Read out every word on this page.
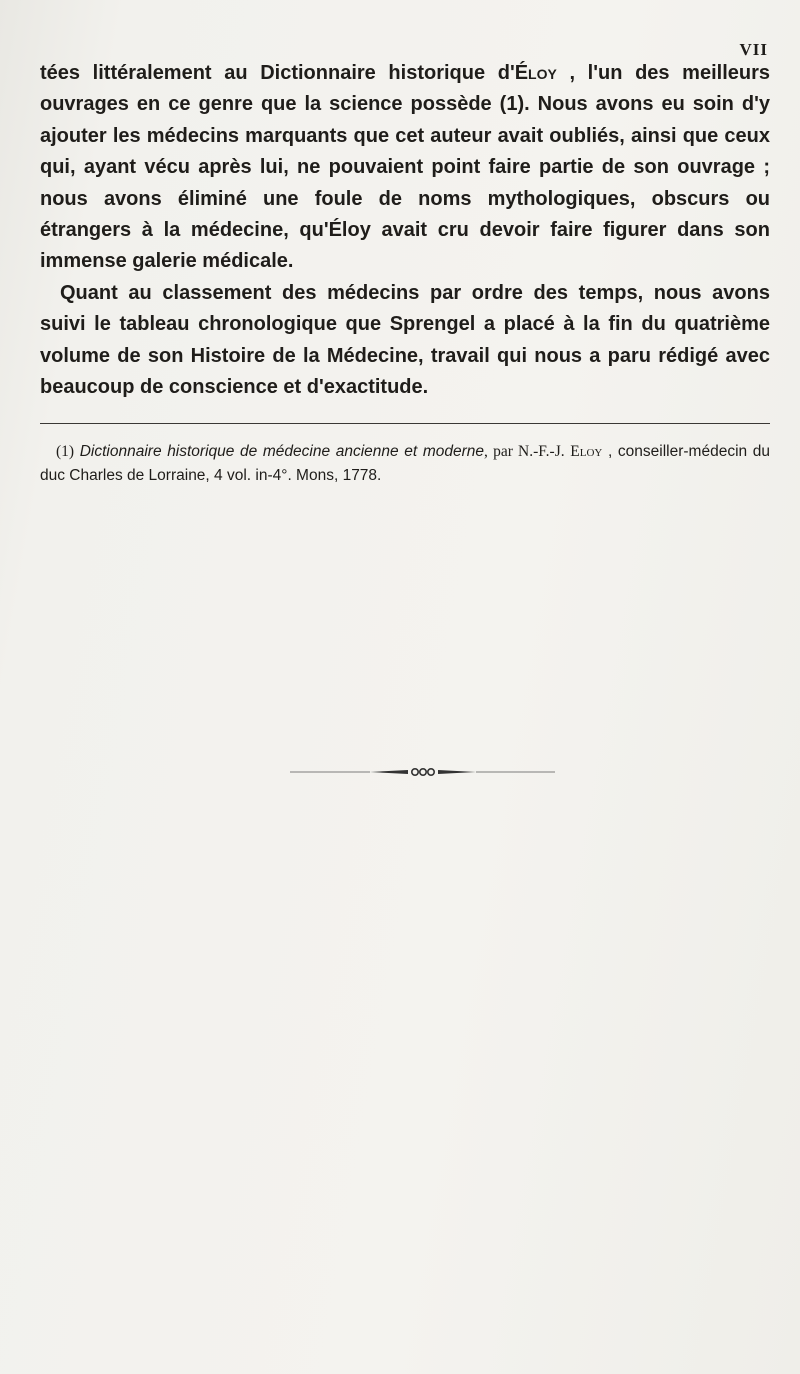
VII

tées littéralement au Dictionnaire historique d'Éloy , l'un des meilleurs ouvrages en ce genre que la science possède (1). Nous avons eu soin d'y ajouter les médecins marquants que cet auteur avait oubliés, ainsi que ceux qui, ayant vécu après lui, ne pouvaient point faire partie de son ouvrage ; nous avons éliminé une foule de noms mythologiques, obscurs ou étrangers à la médecine, qu'Éloy avait cru devoir faire figurer dans son immense galerie médicale.

Quant au classement des médecins par ordre des temps, nous avons suivi le tableau chronologique que Sprengel a placé à la fin du quatrième volume de son Histoire de la Médecine, travail qui nous a paru rédigé avec beaucoup de conscience et d'exactitude.

(1) Dictionnaire historique de médecine ancienne et moderne, par N.-F.-J. Eloy , conseiller-médecin du duc Charles de Lorraine, 4 vol. in-4°. Mons, 1778.
